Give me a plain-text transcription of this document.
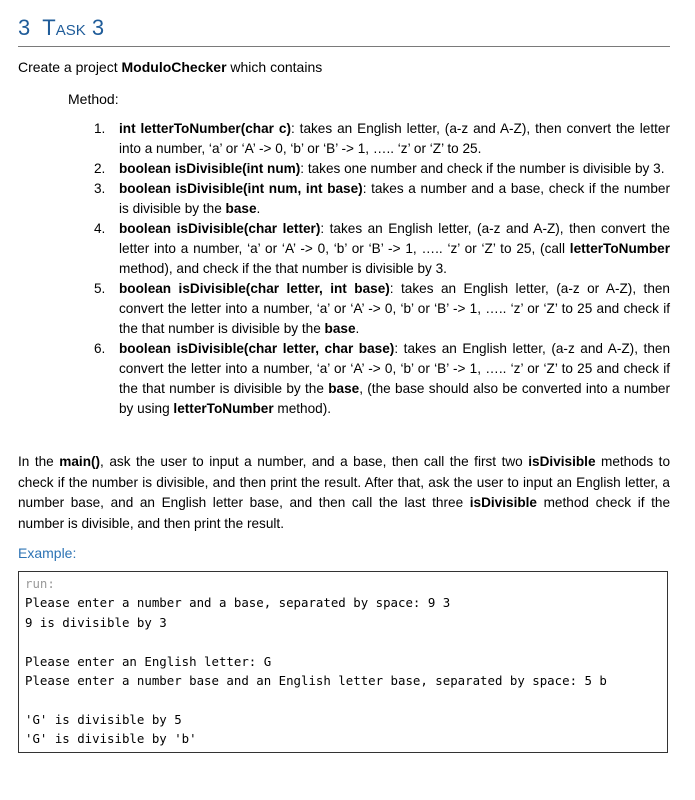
3 Task 3
Create a project ModuloChecker which contains
Method:
1. int letterToNumber(char c): takes an English letter, (a-z and A-Z), then convert the letter into a number, ‘a’ or ‘A’ -> 0, ‘b’ or ‘B’ -> 1, ….. ‘z’ or ‘Z’ to 25.
2. boolean isDivisible(int num): takes one number and check if the number is divisible by 3.
3. boolean isDivisible(int num, int base): takes a number and a base, check if the number is divisible by the base.
4. boolean isDivisible(char letter): takes an English letter, (a-z and A-Z), then convert the letter into a number, ‘a’ or ‘A’ -> 0, ‘b’ or ‘B’ -> 1, ….. ‘z’ or ‘Z’ to 25, (call letterToNumber method), and check if the that number is divisible by 3.
5. boolean isDivisible(char letter, int base): takes an English letter, (a-z or A-Z), then convert the letter into a number, ‘a’ or ‘A’ -> 0, ‘b’ or ‘B’ -> 1, ….. ‘z’ or ‘Z’ to 25 and check if the that number is divisible by the base.
6. boolean isDivisible(char letter, char base): takes an English letter, (a-z and A-Z), then convert the letter into a number, ‘a’ or ‘A’ -> 0, ‘b’ or ‘B’ -> 1, ….. ‘z’ or ‘Z’ to 25 and check if the that number is divisible by the base, (the base should also be converted into a number by using letterToNumber method).
In the main(), ask the user to input a number, and a base, then call the first two isDivisible methods to check if the number is divisible, and then print the result. After that, ask the user to input an English letter, a number base, and an English letter base, and then call the last three isDivisible method check if the number is divisible, and then print the result.
Example:
run:
Please enter a number and a base, separated by space: 9 3
9 is divisible by 3
Please enter an English letter: G
Please enter a number base and an English letter base, separated by space: 5 b
'G' is divisible by 5
'G' is divisible by 'b'
